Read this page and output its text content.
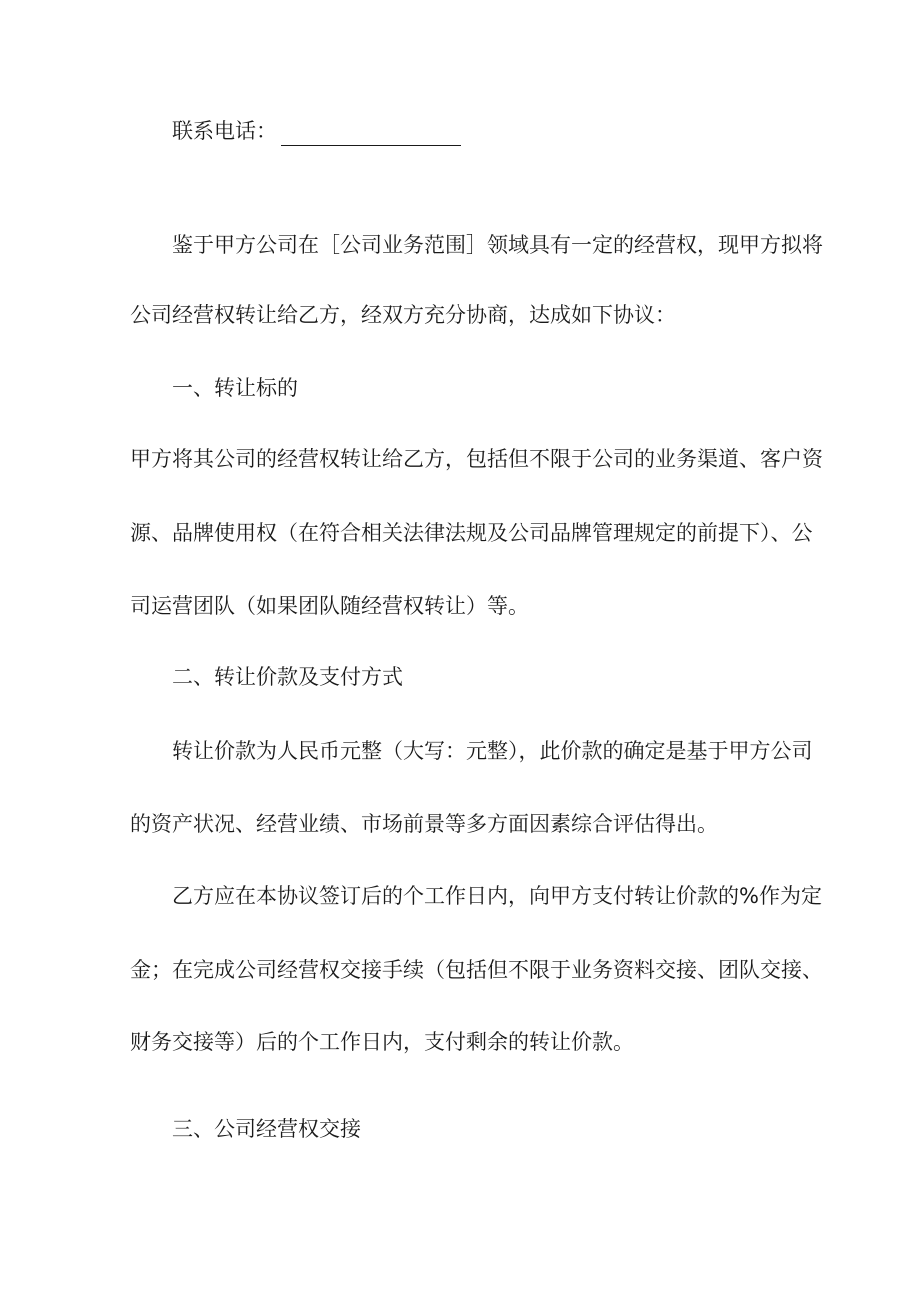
联系电话：
鉴于甲方公司在［公司业务范围］领域具有一定的经营权，现甲方拟将
公司经营权转让给乙方，经双方充分协商，达成如下协议：
一、转让标的
甲方将其公司的经营权转让给乙方，包括但不限于公司的业务渠道、客户资
源、品牌使用权（在符合相关法律法规及公司品牌管理规定的前提下）、公
司运营团队（如果团队随经营权转让）等。
二、转让价款及支付方式
转让价款为人民币元整（大写：元整），此价款的确定是基于甲方公司
的资产状况、经营业绩、市场前景等多方面因素综合评估得出。
乙方应在本协议签订后的个工作日内，向甲方支付转让价款的%作为定
金；在完成公司经营权交接手续（包括但不限于业务资料交接、团队交接、
财务交接等）后的个工作日内，支付剩余的转让价款。
三、公司经营权交接
